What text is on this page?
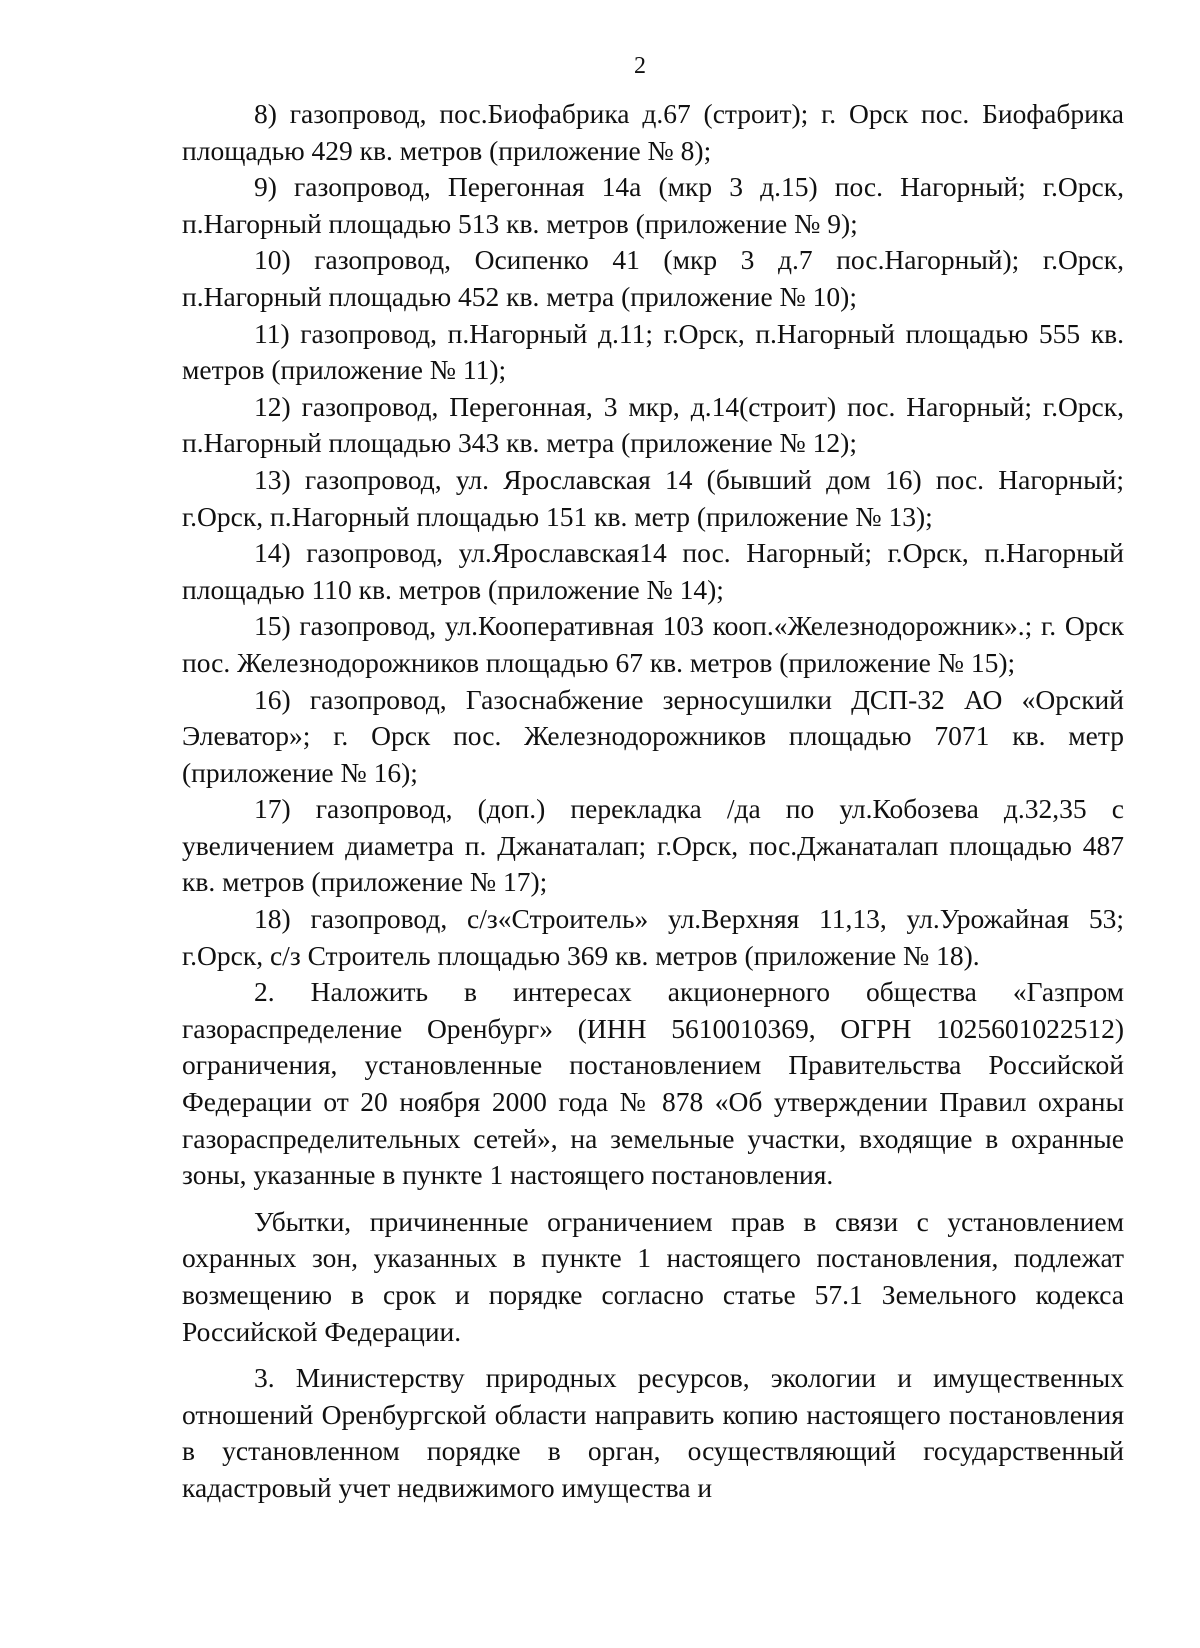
2

8) газопровод, пос.Биофабрика д.67 (строит); г. Орск пос. Биофабрика площадью 429 кв. метров (приложение № 8);

9) газопровод, Перегонная 14а (мкр 3 д.15) пос. Нагорный; г.Орск, п.Нагорный площадью 513 кв. метров (приложение № 9);

10) газопровод, Осипенко 41 (мкр 3 д.7 пос.Нагорный); г.Орск, п.Нагорный площадью 452 кв. метра (приложение № 10);

11) газопровод, п.Нагорный д.11; г.Орск, п.Нагорный площадью 555 кв. метров (приложение № 11);

12) газопровод, Перегонная, 3 мкр, д.14(строит) пос. Нагорный; г.Орск, п.Нагорный площадью 343 кв. метра (приложение № 12);

13) газопровод, ул. Ярославская 14 (бывший дом 16) пос. Нагорный; г.Орск, п.Нагорный площадью 151 кв. метр (приложение № 13);

14) газопровод, ул.Ярославская14 пос. Нагорный; г.Орск, п.Нагорный площадью 110 кв. метров (приложение № 14);

15) газопровод, ул.Кооперативная 103 кооп.«Железнодорожник».; г. Орск пос. Железнодорожников площадью 67 кв. метров (приложение № 15);

16) газопровод, Газоснабжение зерносушилки ДСП-32 АО «Орский Элеватор»; г. Орск пос. Железнодорожников площадью 7071 кв. метр (приложение № 16);

17) газопровод, (доп.) перекладка /да по ул.Кобозева д.32,35 с увеличением диаметра п. Джанаталап; г.Орск, пос.Джанаталап площадью 487 кв. метров (приложение № 17);

18) газопровод, с/з«Строитель» ул.Верхняя 11,13, ул.Урожайная 53; г.Орск, с/з Строитель площадью 369 кв. метров (приложение № 18).

2. Наложить в интересах акционерного общества «Газпром газораспределение Оренбург» (ИНН 5610010369, ОГРН 1025601022512) ограничения, установленные постановлением Правительства Российской Федерации от 20 ноября 2000 года № 878 «Об утверждении Правил охраны газораспределительных сетей», на земельные участки, входящие в охранные зоны, указанные в пункте 1 настоящего постановления.

Убытки, причиненные ограничением прав в связи с установлением охранных зон, указанных в пункте 1 настоящего постановления, подлежат возмещению в срок и порядке согласно статье 57.1 Земельного кодекса Российской Федерации.

3. Министерству природных ресурсов, экологии и имущественных отношений Оренбургской области направить копию настоящего постановления в установленном порядке в орган, осуществляющий государственный кадастровый учет недвижимого имущества и
